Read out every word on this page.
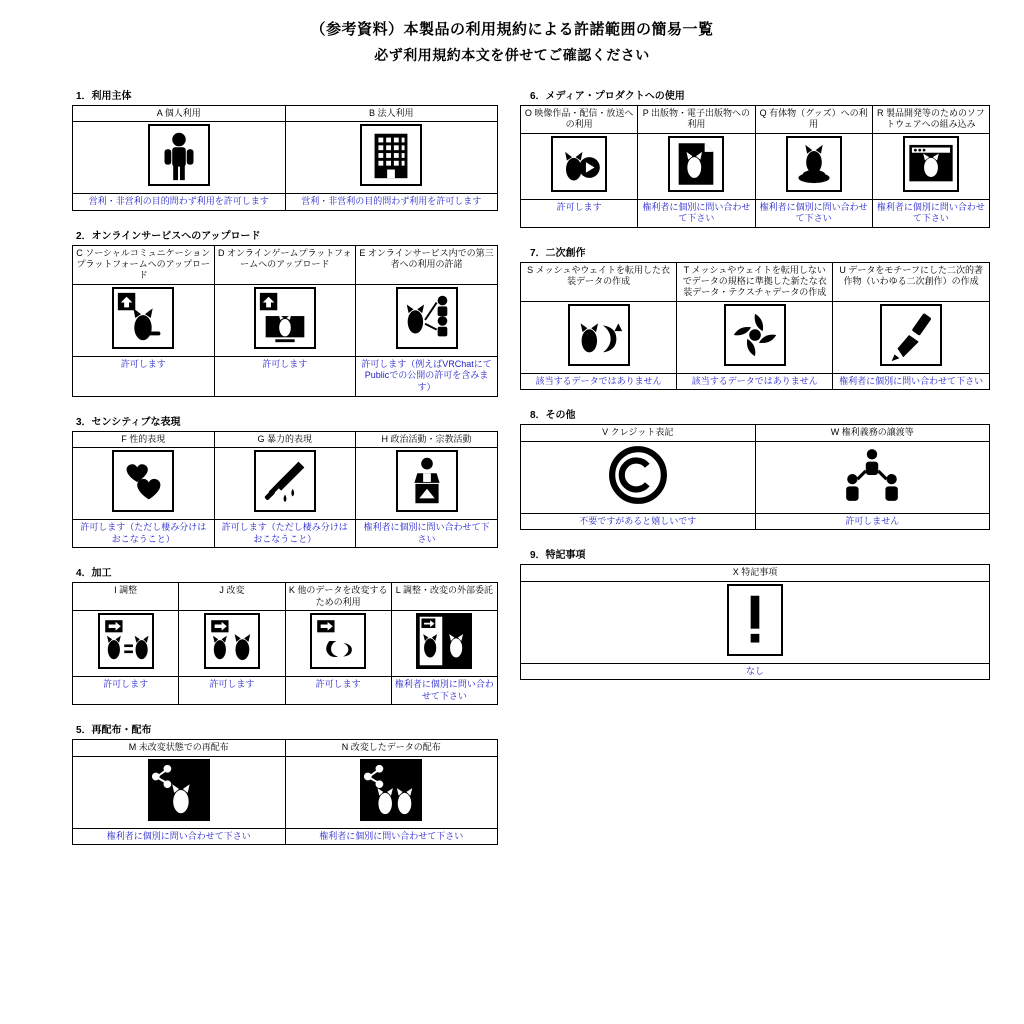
（参考資料）本製品の利用規約による許諾範囲の簡易一覧
必ず利用規約本文を併せてご確認ください
1．利用主体
A 個人利用	B 法人利用

営利・非営利の目的問わず利用を許可します	営利・非営利の目的問わず利用を許可します
2．オンラインサービスへのアップロード
C ソーシャルコミュニケーションプラットフォームへのアップロード	D オンラインゲームプラットフォームへのアップロード	E オンラインサービス内での第三者への利用の許諾

許可します	許可します	許可します（例えばVRChatにてPublicでの公開の許可を含みます）
3．センシティブな表現
F 性的表現	G 暴力的表現	H 政治活動・宗教活動

許可します（ただし棲み分けはおこなうこと）	許可します（ただし棲み分けはおこなうこと）	権利者に個別に問い合わせて下さい
4．加工
I 調整	J 改変	K 他のデータを改変するための利用	L 調整・改変の外部委託

許可します	許可します	許可します	権利者に個別に問い合わせて下さい
5．再配布・配布
M 未改変状態での再配布	N 改変したデータの配布

権利者に個別に問い合わせて下さい	権利者に個別に問い合わせて下さい
6．メディア・プロダクトへの使用
O 映像作品・配信・放送への利用	P 出版物・電子出版物への利用	Q 有体物（グッズ）への利用	R 製品開発等のためのソフトウェアへの組み込み

許可します	権利者に個別に問い合わせて下さい	権利者に個別に問い合わせて下さい	権利者に個別に問い合わせて下さい
7．二次創作
S メッシュやウェイトを転用した衣装データの作成	T メッシュやウェイトを転用しないでデータの規格に準拠した新たな衣装データ・テクスチャデータの作成	U データをモチーフにした二次的著作物（いわゆる二次創作）の作成

該当するデータではありません	該当するデータではありません	権利者に個別に問い合わせて下さい
8．その他
V クレジット表記	W 権利義務の譲渡等

不要ですがあると嬉しいです	許可しません
9．特記事項
X 特記事項

なし
